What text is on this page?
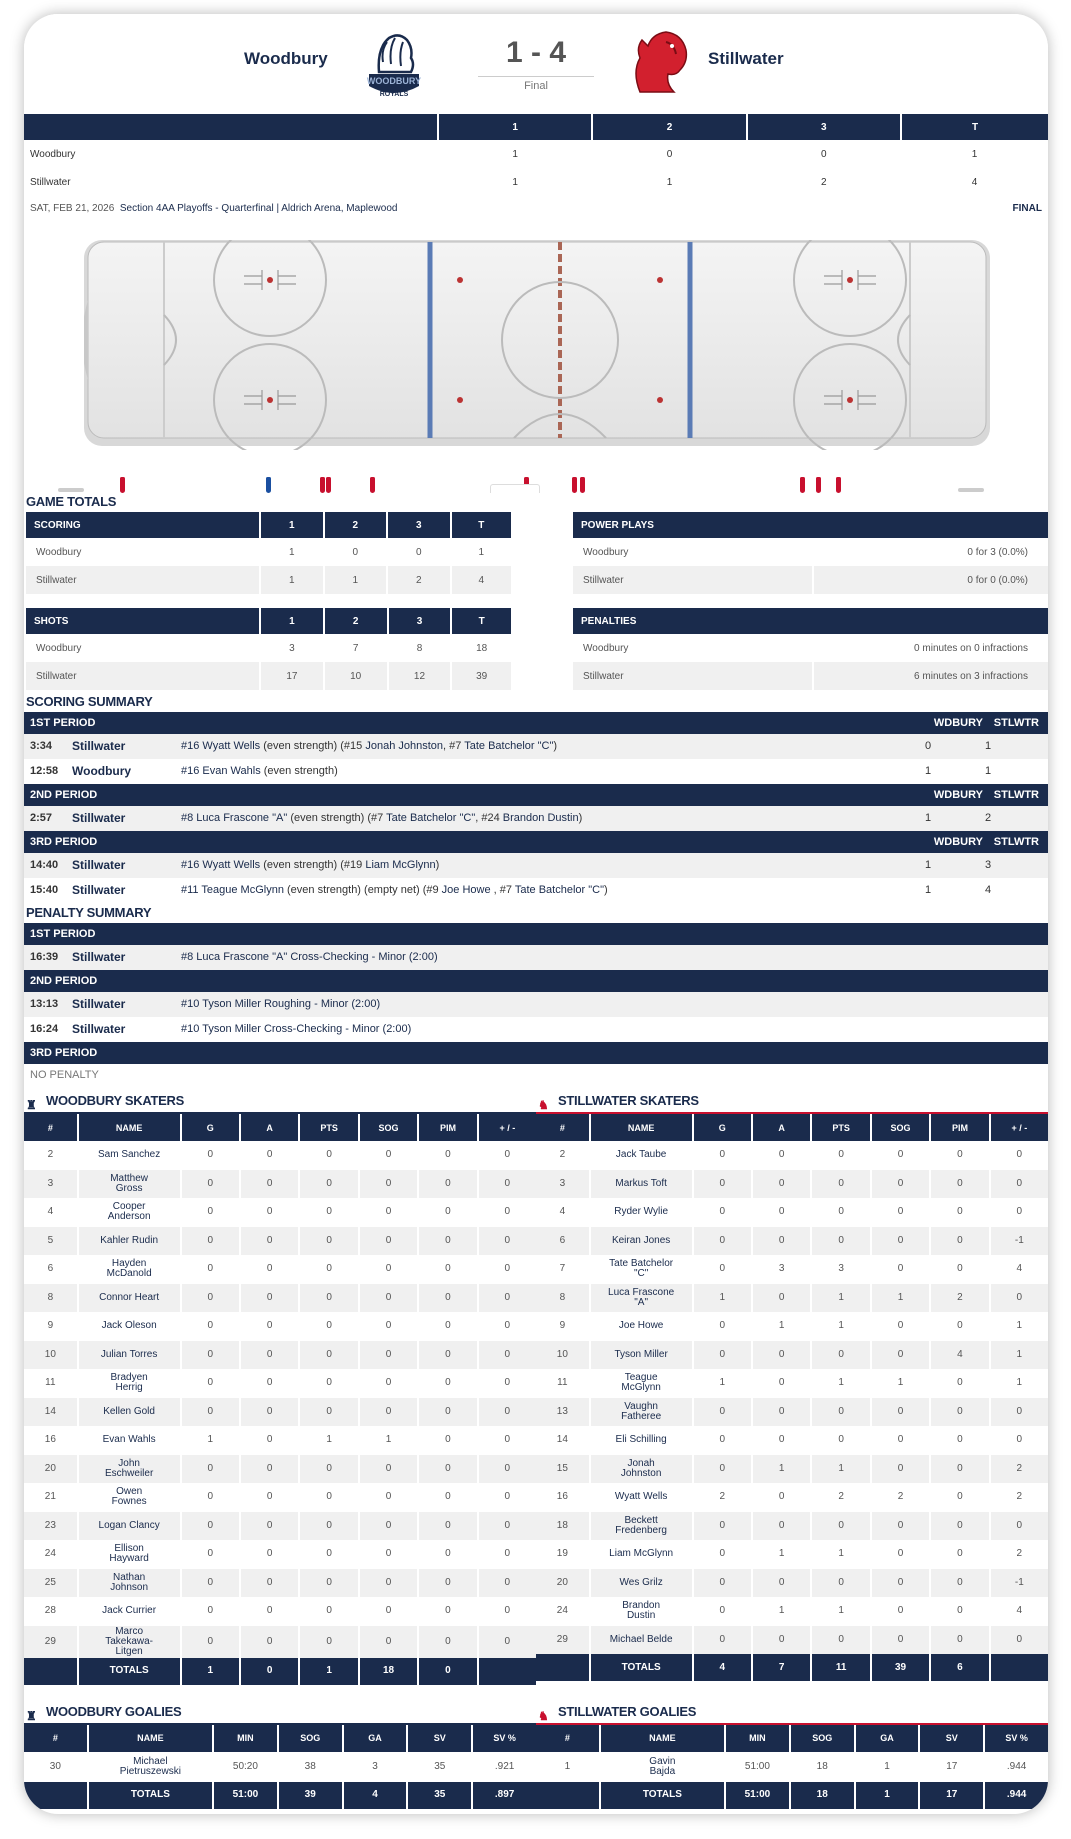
Woodbury
WOODBURY
ROYALS
1 - 4
Final
Stillwater
	1	2	3	T
Woodbury	1	0	0	1
Stillwater	1	1	2	4
SAT, FEB 21, 2026 Section 4AA Playoffs - Quarterfinal | Aldrich Arena, Maplewood	FINAL
GAME TOTALS
SCORING	1	2	3	T
Woodbury	1	0	0	1
Stillwater	1	1	2	4
POWER PLAYS	
Woodbury	0 for 3 (0.0%)
Stillwater	0 for 0 (0.0%)
SHOTS	1	2	3	T
Woodbury	3	7	8	18
Stillwater	17	10	12	39
PENALTIES	
Woodbury	0 minutes on 0 infractions
Stillwater	6 minutes on 3 infractions
SCORING SUMMARY
1ST PERIOD	WDBURY STLWTR
3:34 Stillwater	#16 Wyatt Wells (even strength) (#15 Jonah Johnston, #7 Tate Batchelor "C")	0	1
12:58 Woodbury	#16 Evan Wahls (even strength)	1	1
2ND PERIOD	WDBURY STLWTR
2:57 Stillwater	#8 Luca Frascone "A" (even strength) (#7 Tate Batchelor "C", #24 Brandon Dustin)	1	2
3RD PERIOD	WDBURY STLWTR
14:40 Stillwater	#16 Wyatt Wells (even strength) (#19 Liam McGlynn)	1	3
15:40 Stillwater	#11 Teague McGlynn (even strength) (empty net) (#9 Joe Howe , #7 Tate Batchelor "C")	1	4
PENALTY SUMMARY
1ST PERIOD
16:39 Stillwater	#8 Luca Frascone "A" Cross-Checking - Minor (2:00)
2ND PERIOD
13:13 Stillwater	#10 Tyson Miller Roughing - Minor (2:00)
16:24 Stillwater	#10 Tyson Miller Cross-Checking - Minor (2:00)
3RD PERIOD
NO PENALTY
♜ WOODBURY SKATERS
#	NAME	G	A	PTS	SOG	PIM	+ / -
2	Sam Sanchez	0	0	0	0	0	0
3	Matthew
Gross	0	0	0	0	0	0
4	Cooper
Anderson	0	0	0	0	0	0
5	Kahler Rudin	0	0	0	0	0	0
6	Hayden
McDanold	0	0	0	0	0	0
8	Connor Heart	0	0	0	0	0	0
9	Jack Oleson	0	0	0	0	0	0
10	Julian Torres	0	0	0	0	0	0
11	Bradyen
Herrig	0	0	0	0	0	0
14	Kellen Gold	0	0	0	0	0	0
16	Evan Wahls	1	0	1	1	0	0
20	John
Eschweiler	0	0	0	0	0	0
21	Owen
Fownes	0	0	0	0	0	0
23	Logan Clancy	0	0	0	0	0	0
24	Ellison
Hayward	0	0	0	0	0	0
25	Nathan
Johnson	0	0	0	0	0	0
28	Jack Currier	0	0	0	0	0	0
29	Marco
Takekawa-
Litgen	0	0	0	0	0	0
	TOTALS	1	0	1	18	0	
♞ STILLWATER SKATERS
#	NAME	G	A	PTS	SOG	PIM	+ / -
2	Jack Taube	0	0	0	0	0	0
3	Markus Toft	0	0	0	0	0	0
4	Ryder Wylie	0	0	0	0	0	0
6	Keiran Jones	0	0	0	0	0	-1
7	Tate Batchelor
"C"	0	3	3	0	0	4
8	Luca Frascone
"A"	1	0	1	1	2	0
9	Joe Howe	0	1	1	0	0	1
10	Tyson Miller	0	0	0	0	4	1
11	Teague
McGlynn	1	0	1	1	0	1
13	Vaughn
Fatheree	0	0	0	0	0	0
14	Eli Schilling	0	0	0	0	0	0
15	Jonah
Johnston	0	1	1	0	0	2
16	Wyatt Wells	2	0	2	2	0	2
18	Beckett
Fredenberg	0	0	0	0	0	0
19	Liam McGlynn	0	1	1	0	0	2
20	Wes Grilz	0	0	0	0	0	-1
24	Brandon
Dustin	0	1	1	0	0	4
29	Michael Belde	0	0	0	0	0	0
	TOTALS	4	7	11	39	6	
♜ WOODBURY GOALIES
#	NAME	MIN	SOG	GA	SV	SV %
30	Michael
Pietruszewski	50:20	38	3	35	.921
	TOTALS	51:00	39	4	35	.897
♞ STILLWATER GOALIES
#	NAME	MIN	SOG	GA	SV	SV %
1	Gavin
Bajda	51:00	18	1	17	.944
	TOTALS	51:00	18	1	17	.944
